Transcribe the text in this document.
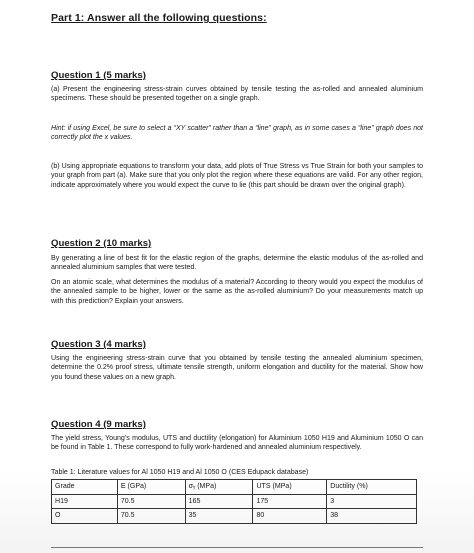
Part 1: Answer all the following questions:
Question 1 (5 marks)

(a) Present the engineering stress-strain curves obtained by tensile testing the as-rolled and annealed aluminium specimens. These should be presented together on a single graph.

Hint: if using Excel, be sure to select a “XY scatter” rather than a “line” graph, as in some cases a “line” graph does not correctly plot the x values.

(b) Using appropriate equations to transform your data, add plots of True Stress vs True Strain for both your samples to your graph from part (a). Make sure that you only plot the region where these equations are valid. For any other region, indicate approximately where you would expect the curve to lie (this part should be drawn over the original graph).

Question 2 (10 marks)

By generating a line of best fit for the elastic region of the graphs, determine the elastic modulus of the as-rolled and annealed aluminium samples that were tested.

On an atomic scale, what determines the modulus of a material? According to theory would you expect the modulus of the annealed sample to be higher, lower or the same as the as-rolled aluminium? Do your measurements match up with this prediction? Explain your answers.

Question 3 (4 marks)

Using the engineering stress-strain curve that you obtained by tensile testing the annealed aluminium specimen, determine the 0.2% proof stress, ultimate tensile strength, uniform elongation and ductility for the material. Show how you found these values on a new graph.

Question 4 (9 marks)

The yield stress, Young’s modulus, UTS and ductility (elongation) for Aluminium 1050 H19 and Aluminium 1050 O can be found in Table 1. These correspond to fully work-hardened and annealed aluminium respectively.

Table 1: Literature values for Al 1050 H19 and Al 1050 O (CES Edupack database)
Grade	E (GPa)	σᵧ (MPa)	UTS (MPa)	Ductility (%)
H19	70.5	165	175	3
O	70.5	35	80	38
